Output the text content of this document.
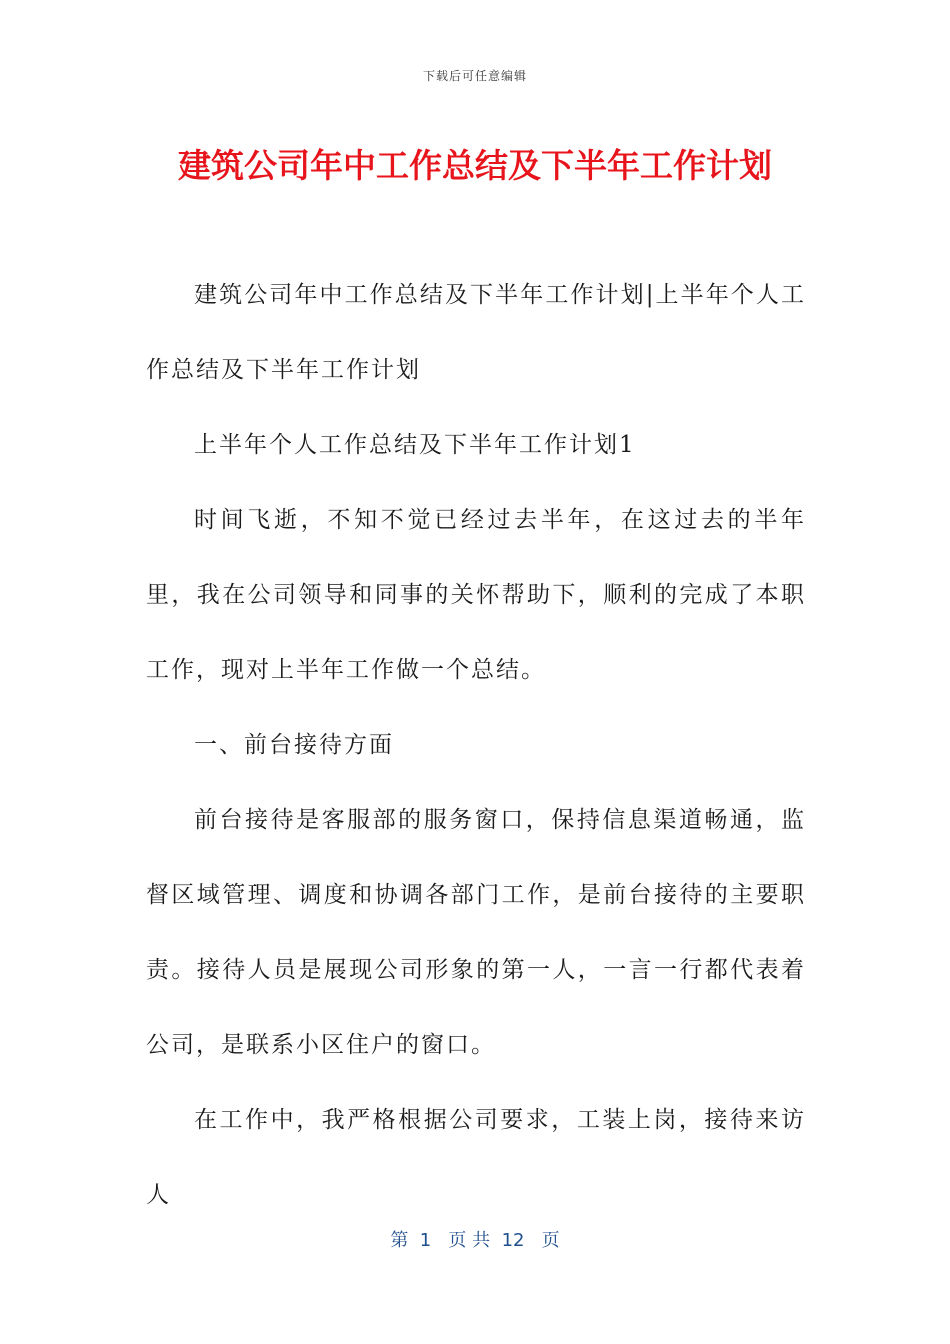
下载后可任意编辑
建筑公司年中工作总结及下半年工作计划

建筑公司年中工作总结及下半年工作计划|上半年个人工作总结及下半年工作计划

上半年个人工作总结及下半年工作计划1

时间飞逝，不知不觉已经过去半年，在这过去的半年里，我在公司领导和同事的关怀帮助下，顺利的完成了本职工作，现对上半年工作做一个总结。

一、前台接待方面

前台接待是客服部的服务窗口，保持信息渠道畅通，监督区域管理、调度和协调各部门工作，是前台接待的主要职责。接待人员是展现公司形象的第一人，一言一行都代表着公司，是联系小区住户的窗口。

在工作中，我严格根据公司要求，工装上岗，接待来访人

第  1   页 共  12   页
